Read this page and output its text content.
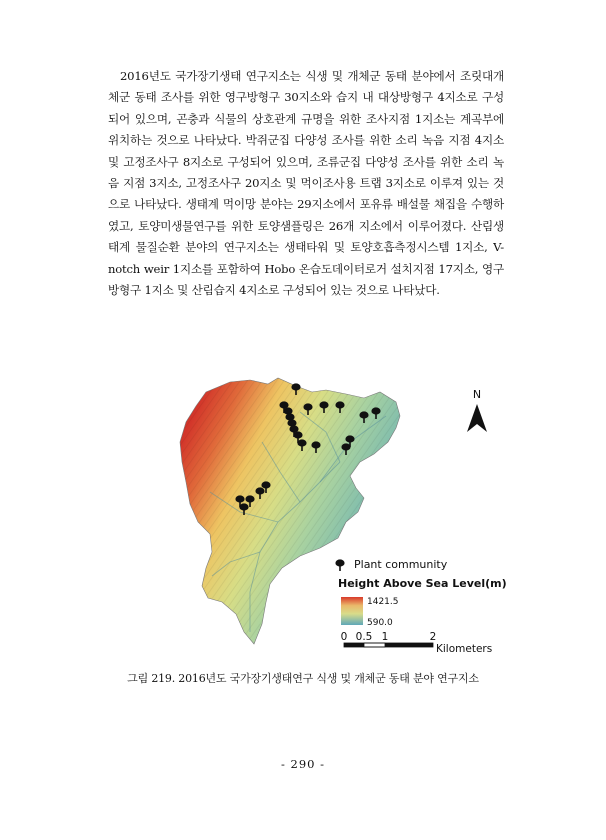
2016년도 국가장기생태 연구지소는 식생 및 개체군 동태 분야에서 조릿대개체군 동태 조사를 위한 영구방형구 30지소와 습지 내 대상방형구 4지소로 구성되어 있으며, 곤충과 식물의 상호관계 규명을 위한 조사지점 1지소는 계곡부에 위치하는 것으로 나타났다. 박쥐군집 다양성 조사를 위한 소리 녹음 지점 4지소 및 고정조사구 8지소로 구성되어 있으며, 조류군집 다양성 조사를 위한 소리 녹음 지점 3지소, 고정조사구 20지소 및 먹이조사용 트랩 3지소로 이루져 있는 것으로 나타났다. 생태계 먹이망 분야는 29지소에서 포유류 배설물 채집을 수행하였고, 토양미생물연구를 위한 토양샘플링은 26개 지소에서 이루어졌다. 산림생태계 물질순환 분야의 연구지소는 생태타워 및 토양호흡측정시스템 1지소, V-notch weir 1지소를 포함하여 Hobo 온습도데이터로거 설치지점 17지소, 영구방형구 1지소 및 산림습지 4지소로 구성되어 있는 것으로 나타났다.

N
Plant community
Height Above Sea Level(m)
1421.5
590.0
0 0.5 1	2
Kilometers
그림 219. 2016년도 국가장기생태연구 식생 및 개체군 동태 분야 연구지소
- 290 -
